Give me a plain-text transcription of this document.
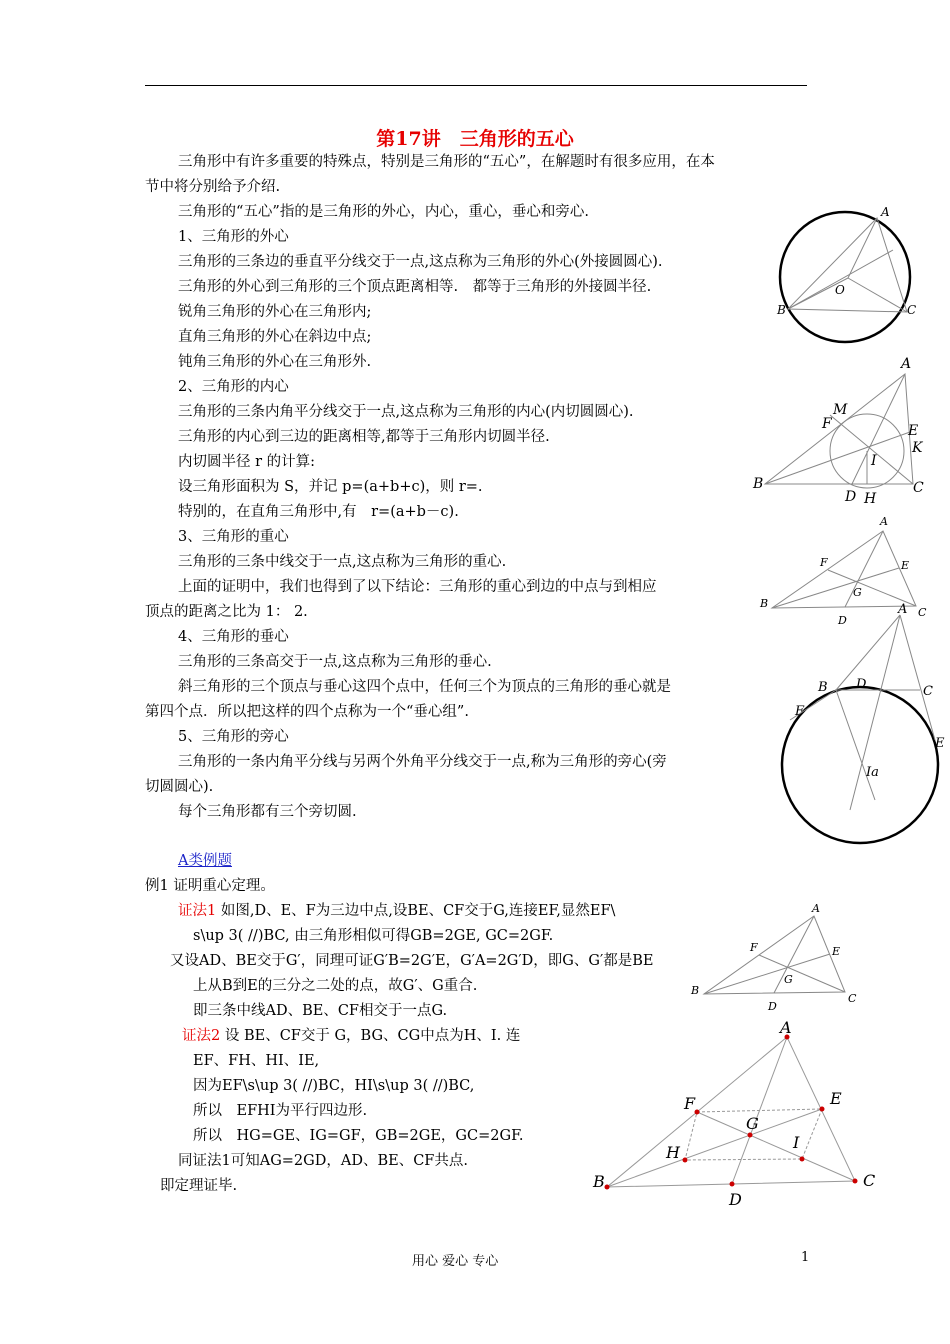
第17讲　三角形的五心
三角形中有许多重要的特殊点，特别是三角形的“五心”，在解题时有很多应用，在本
节中将分别给予介绍.
三角形的“五心”指的是三角形的外心，内心，重心，垂心和旁心.
1、三角形的外心
三角形的三条边的垂直平分线交于一点,这点称为三角形的外心(外接圆圆心).
三角形的外心到三角形的三个顶点距离相等.　都等于三角形的外接圆半径.
锐角三角形的外心在三角形内;
直角三角形的外心在斜边中点;
钝角三角形的外心在三角形外.
2、三角形的内心
三角形的三条内角平分线交于一点,这点称为三角形的内心(内切圆圆心).
三角形的内心到三边的距离相等,都等于三角形内切圆半径.
内切圆半径 r 的计算:
设三角形面积为 S，并记 p=(a+b+c)，则 r=.
特别的，在直角三角形中,有　r=(a+b－c).
3、三角形的重心
三角形的三条中线交于一点,这点称为三角形的重心.
上面的证明中，我们也得到了以下结论：三角形的重心到边的中点与到相应
顶点的距离之比为 1： 2.
4、三角形的垂心
三角形的三条高交于一点,这点称为三角形的垂心.
斜三角形的三个顶点与垂心这四个点中，任何三个为顶点的三角形的垂心就是
第四个点．所以把这样的四个点称为一个“垂心组”.
5、三角形的旁心
三角形的一条内角平分线与另两个外角平分线交于一点,称为三角形的旁心(旁
切圆圆心).
每个三角形都有三个旁切圆.
A类例题
例1 证明重心定理。
证法1 如图,D、E、F为三边中点,设BE、CF交于G,连接EF,显然EF\
s\up 3( //)BC, 由三角形相似可得GB=2GE, GC=2GF.
又设AD、BE交于G′，同理可证G′B=2G′E，G′A=2G′D，即G、G′都是BE
上从B到E的三分之二处的点，故G′、G重合.
即三条中线AD、BE、CF相交于一点G.
证法2 设 BE、CF交于 G，BG、CG中点为H、I. 连
EF、FH、HI、IE,
因为EF\s\up 3( //)BC，HI\s\up 3( //)BC,
所以　EFHI为平行四边形.
所以　HG=GE、IG=GF，GB=2GE，GC=2GF.
同证法1可知AG=2GD，AD、BE、CF共点.
即定理证毕.
用心 爱心 专心	1
A
O
B	C
A
M
F	E
K
I
B
D H
C
A
F	E
G
B
D
C
A
B D	C
F
E
Ia
A
F	E
G
B
D
C
A
F	E
G
I
H
B
D
C
